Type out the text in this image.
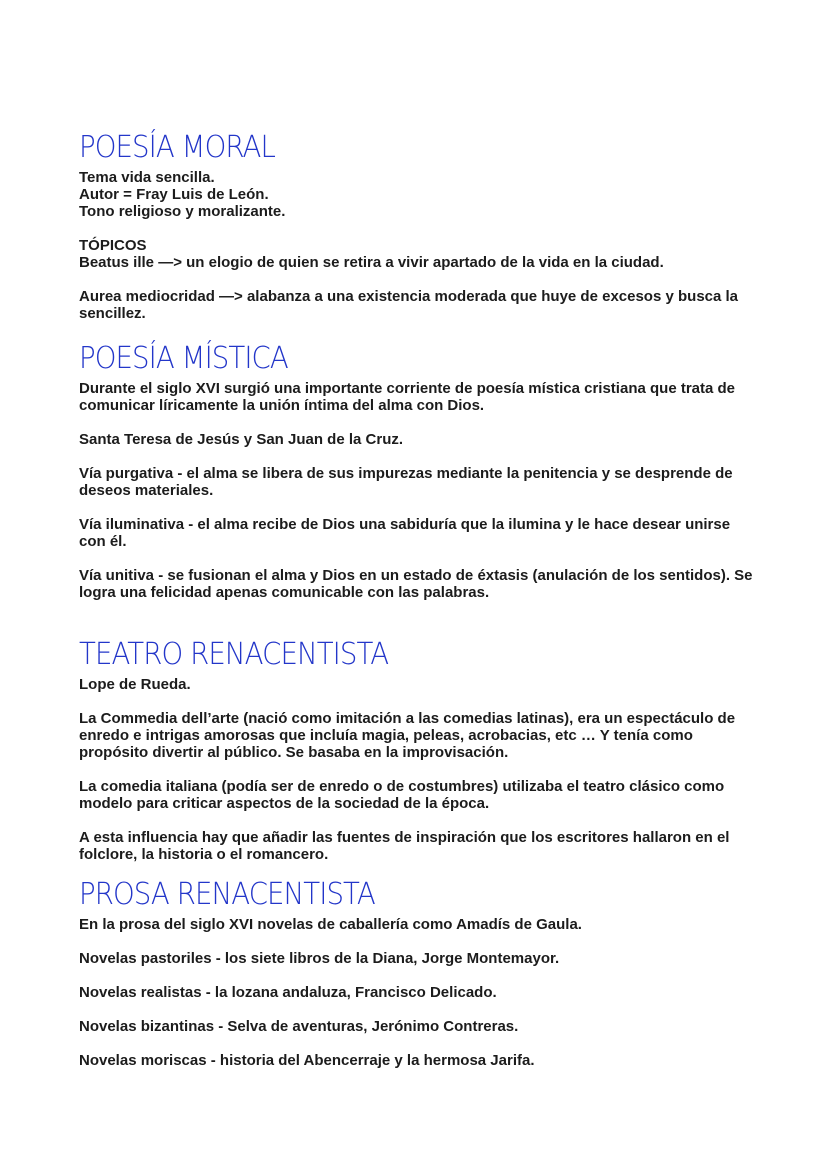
POESÍA MORAL

Tema vida sencilla.

Autor = Fray Luis de León.

Tono religioso y moralizante.

TÓPICOS

Beatus ille —> un elogio de quien se retira a vivir apartado de la vida en la ciudad.

Aurea mediocridad —> alabanza a una existencia moderada que huye de excesos y busca la sencillez.

POESÍA MÍSTICA

Durante el siglo XVI surgió una importante corriente de poesía mística cristiana que trata de comunicar líricamente la unión íntima del alma con Dios.

Santa Teresa de Jesús y San Juan de la Cruz.

Vía purgativa - el alma se libera de sus impurezas mediante la penitencia y se desprende de deseos materiales.

Vía iluminativa - el alma recibe de Dios una sabiduría que la ilumina y le hace desear unirse con él.

Vía unitiva - se fusionan el alma y Dios en un estado de éxtasis (anulación de los sentidos). Se logra una felicidad apenas comunicable con las palabras.

TEATRO RENACENTISTA

Lope de Rueda.

La Commedia dell’arte (nació como imitación a las comedias latinas), era un espectáculo de enredo e intrigas amorosas que incluía magia, peleas, acrobacias, etc … Y tenía como propósito divertir al público. Se basaba en la improvisación.

La comedia italiana (podía ser de enredo o de costumbres) utilizaba el teatro clásico como modelo para criticar aspectos de la sociedad de la época.

A esta influencia hay que añadir las fuentes de inspiración que los escritores hallaron en el folclore, la historia o el romancero.

PROSA RENACENTISTA

En la prosa del siglo XVI novelas de caballería como Amadís de Gaula.

Novelas pastoriles - los siete libros de la Diana, Jorge Montemayor.

Novelas realistas - la lozana andaluza, Francisco Delicado.

Novelas bizantinas - Selva de aventuras, Jerónimo Contreras.

Novelas moriscas - historia del Abencerraje y la hermosa Jarifa.
